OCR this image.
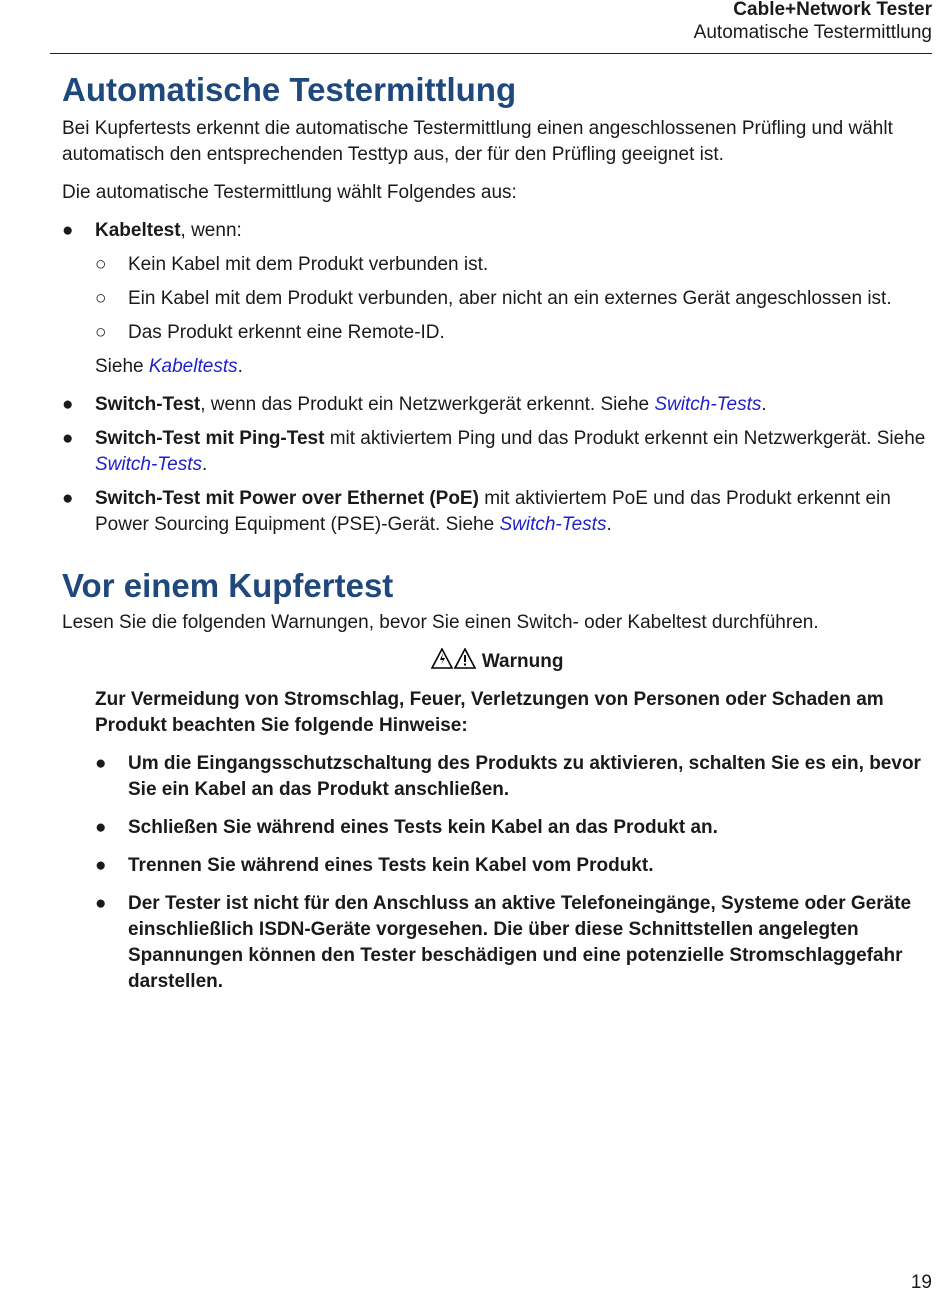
Cable+Network Tester
Automatische Testermittlung
Automatische Testermittlung

Bei Kupfertests erkennt die automatische Testermittlung einen angeschlossenen Prüfling und wählt automatisch den entsprechenden Testtyp aus, der für den Prüfling geeignet ist.

Die automatische Testermittlung wählt Folgendes aus:

● Kabeltest, wenn:
○ Kein Kabel mit dem Produkt verbunden ist.
○ Ein Kabel mit dem Produkt verbunden, aber nicht an ein externes Gerät angeschlossen ist.
○ Das Produkt erkennt eine Remote-ID.
Siehe Kabeltests.
● Switch-Test, wenn das Produkt ein Netzwerkgerät erkennt. Siehe Switch-Tests.
● Switch-Test mit Ping-Test mit aktiviertem Ping und das Produkt erkennt ein Netzwerkgerät. Siehe Switch-Tests.
● Switch-Test mit Power over Ethernet (PoE) mit aktiviertem PoE und das Produkt erkennt ein Power Sourcing Equipment (PSE)-Gerät. Siehe Switch-Tests.
Vor einem Kupfertest

Lesen Sie die folgenden Warnungen, bevor Sie einen Switch- oder Kabeltest durchführen.

Warnung

Zur Vermeidung von Stromschlag, Feuer, Verletzungen von Personen oder Schaden am Produkt beachten Sie folgende Hinweise:

● Um die Eingangsschutzschaltung des Produkts zu aktivieren, schalten Sie es ein, bevor Sie ein Kabel an das Produkt anschließen.
● Schließen Sie während eines Tests kein Kabel an das Produkt an.
● Trennen Sie während eines Tests kein Kabel vom Produkt.
● Der Tester ist nicht für den Anschluss an aktive Telefoneingänge, Systeme oder Geräte einschließlich ISDN-Geräte vorgesehen. Die über diese Schnittstellen angelegten Spannungen können den Tester beschädigen und eine potenzielle Stromschlaggefahr darstellen.
19
